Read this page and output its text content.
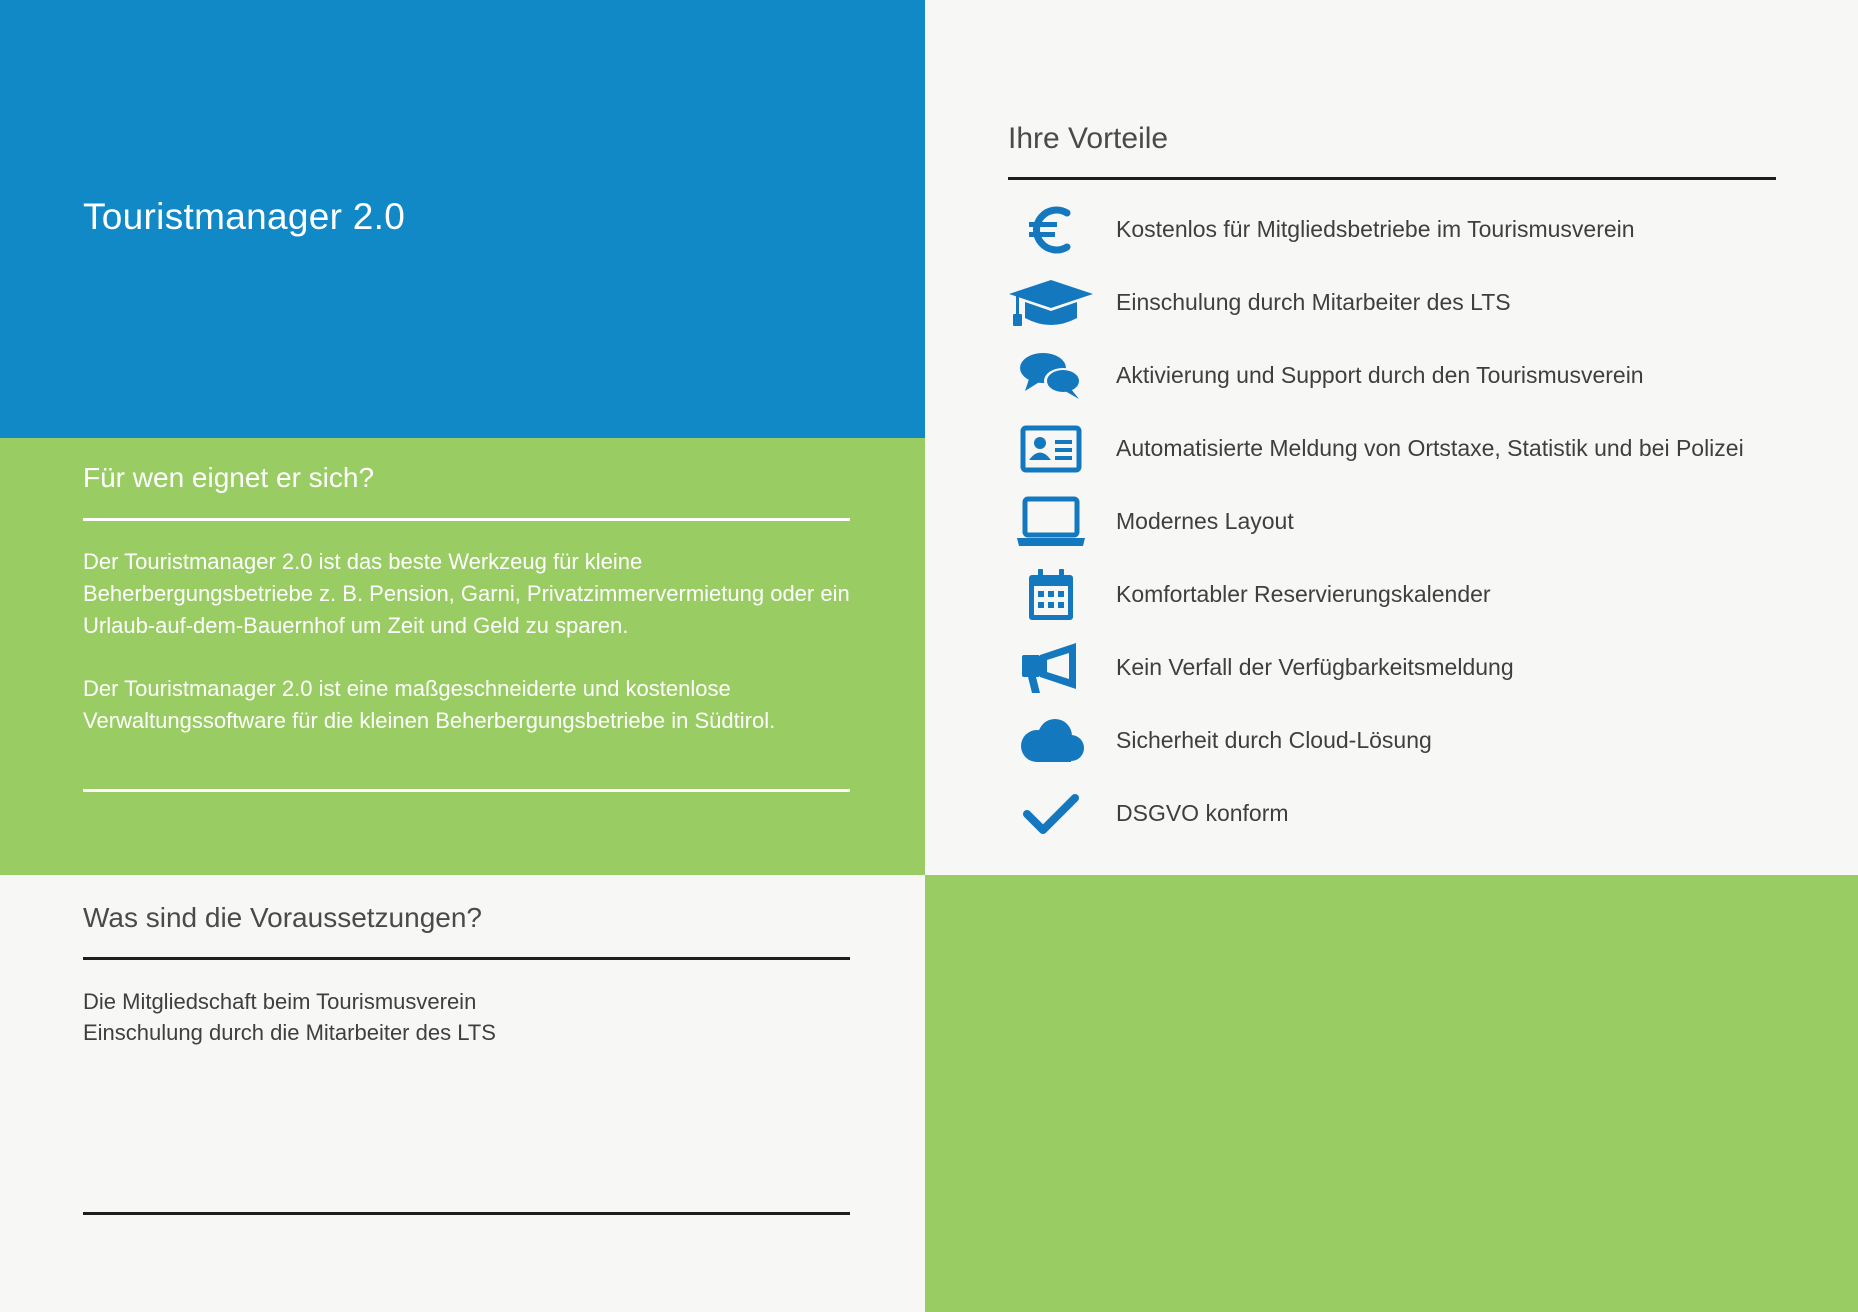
Touristmanager 2.0
Für wen eignet er sich?

Der Touristmanager 2.0 ist das beste Werkzeug für kleine Beherbergungsbetriebe z. B. Pension, Garni, Privatzimmervermietung oder ein Urlaub-auf-dem-Bauernhof um Zeit und Geld zu sparen.

Der Touristmanager 2.0 ist eine maßgeschneiderte und kostenlose Verwaltungssoftware für die kleinen Beherbergungsbetriebe in Südtirol.

Was sind die Voraussetzungen?

Die Mitgliedschaft beim Tourismusverein

Einschulung durch die Mitarbeiter des LTS

Ihre Vorteile
Kostenlos für Mitgliedsbetriebe im Tourismusverein
Einschulung durch Mitarbeiter des LTS
Aktivierung und Support durch den Tourismusverein
Automatisierte Meldung von Ortstaxe, Statistik und bei Polizei
Modernes Layout
Komfortabler Reservierungskalender
Kein Verfall der Verfügbarkeitsmeldung
Sicherheit durch Cloud-Lösung
DSGVO konform
